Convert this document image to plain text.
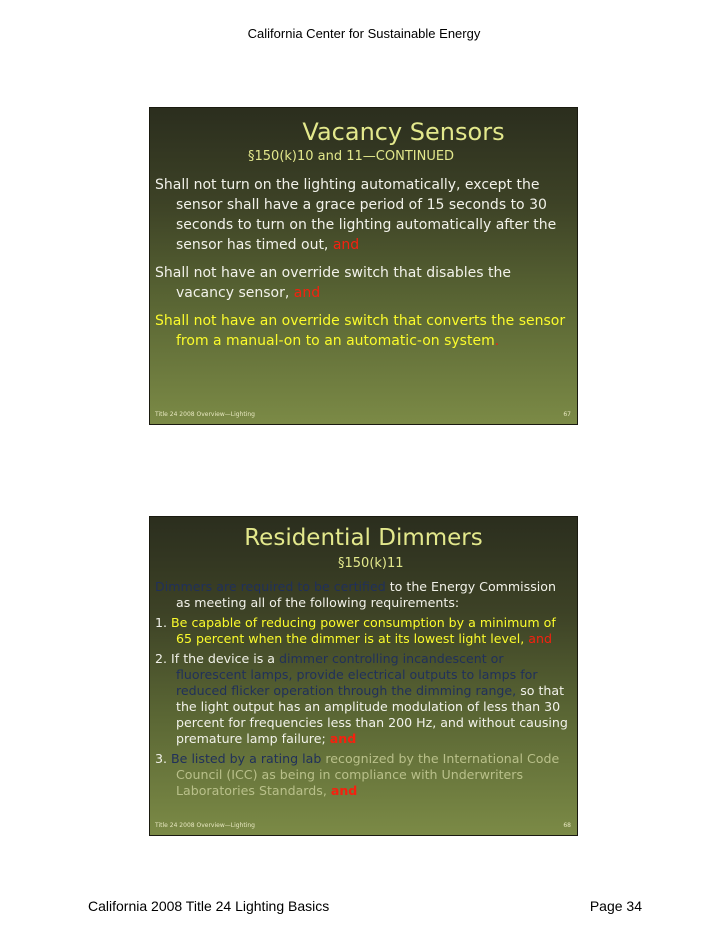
California Center for Sustainable Energy
Vacancy Sensors
§150(k)10 and 11—CONTINUED
Shall not turn on the lighting automatically, except the sensor shall have a grace period of 15 seconds to 30 seconds to turn on the lighting automatically after the sensor has timed out, and
Shall not have an override switch that disables the vacancy sensor, and
Shall not have an override switch that converts the sensor from a manual-on to an automatic-on system.
Title 24 2008 Overview—Lighting	67
Residential Dimmers
§150(k)11
Dimmers are required to be certified to the Energy Commission as meeting all of the following requirements:
1. Be capable of reducing power consumption by a minimum of 65 percent when the dimmer is at its lowest light level, and
2. If the device is a dimmer controlling incandescent or fluorescent lamps, provide electrical outputs to lamps for reduced flicker operation through the dimming range, so that the light output has an amplitude modulation of less than 30 percent for frequencies less than 200 Hz, and without causing premature lamp failure; and
3. Be listed by a rating lab recognized by the International Code Council (ICC) as being in compliance with Underwriters Laboratories Standards, and
Title 24 2008 Overview—Lighting	68
California 2008 Title 24 Lighting Basics	Page 34
